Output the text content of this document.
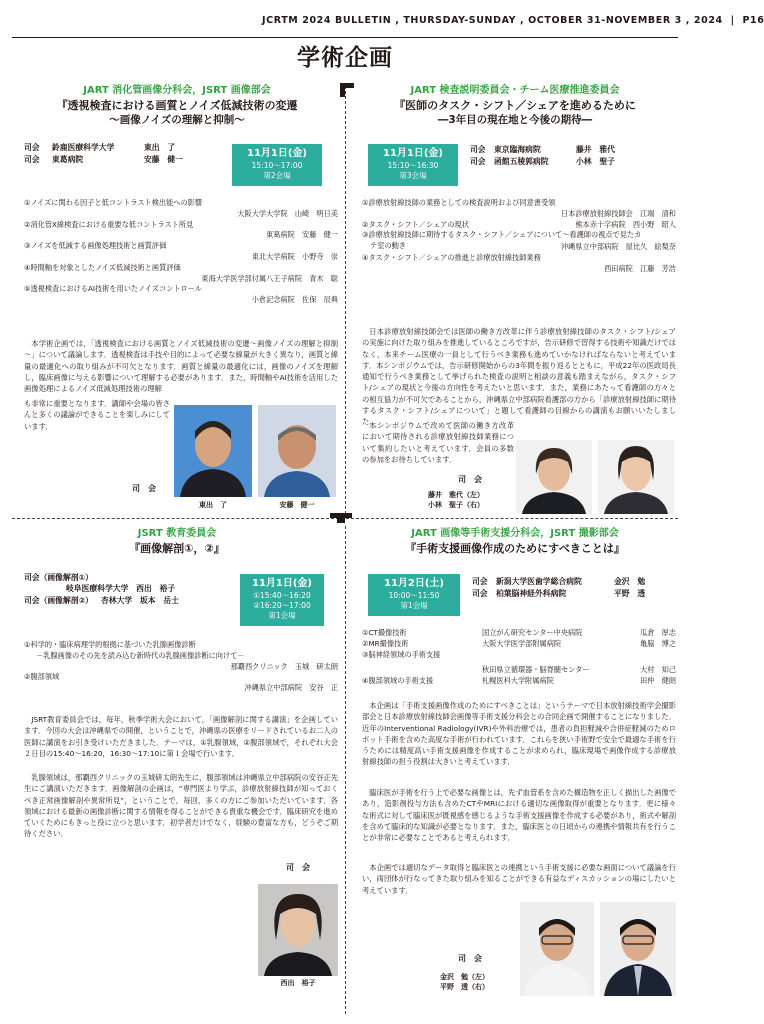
JCRTM 2024 BULLETIN , THURSDAY-SUNDAY , OCTOBER 31-NOVEMBER 3 , 2024 | P16
学術企画
JART 消化管画像分科会，JSRT 画像部会
『透視検査における画質とノイズ低減技術の変遷
～画像ノイズの理解と抑制～
司会 鈴鹿医療科学大学	東出　了
司会 東葛病院	安藤　健一
11月1日(金)
15:10～17:00
第2会場
①ノイズに関わる因子と低コントラスト検出能への影響
大阪大学大学院　山崎　明日美
②消化管X線検査における重要な低コントラスト所見
東葛病院　安藤　健一
③ノイズを低減する画像処理技術と画質評価
東北大学病院　小野寺　崇
④時間軸を対象としたノイズ低減技術と画質評価
東海大学医学部付属八王子病院　青木　聡
⑤透視検査におけるAI技術を用いたノイズコントロール
小倉記念病院　佐保　辰典
本学術企画では，「透視検査における画質とノイズ低減技術の変遷～画像ノイズの理解と抑制～」について議論します．透視検査は手技や目的によって必要な線量が大きく異なり，画質と線量の最適化への取り組みが不可欠となります．画質と線量の最適化には，画像のノイズを理解し，臨床画像に与える影響について理解する必要があります．また，時間軸やAI技術を活用した画像処理によるノイズ低減処理技術の理解
も非常に重要となります．講師や会場の皆さんと多くの議論ができることを楽しみにしています．
司　会
東出　了	安藤　健一
JART 検査説明委員会・チーム医療推進委員会
『医師のタスク・シフト／シェアを進めるために
―3年目の現在地と今後の期待―
11月1日(金)
15:10～16:30
第3会場
司会 東京臨海病院	藤井　雅代
司会 函館五稜郭病院	小林　聖子
①診療放射線技師の業務としての検査説明および同意書受領
日本診療放射線技師会　江端　清和
②タスク・シフト／シェアの現状	熊本赤十字病院　西小野　昭人
③診療放射線技師に期待するタスク・シフト／シェアについて～看護師の視点で見たカテ室の動き	沖縄県立中部病院　屋比久　絵梨奈
④タスク・シフト／シェアの推進と診療放射線技師業務
西田病院　江藤　芳浩
日本診療放射線技師会では医師の働き方改革に伴う診療放射線技師のタスク・シフト/シェアの実施に向けた取り組みを推進しているところですが，告示研修で習得する技術や知識だけではなく，本来チーム医療の一員として行うべき業務も進めていかなければならないと考えています．本シンポジウムでは，告示研修開始からの3年間を振り返るとともに，平成22年の医政局長通知で行うべき業務として挙げられた検査の説明と相談の意義も踏まえながら，タスク・シフト/シェアの現状と今後の方向性を考えたいと思います．また，業務にあたって看護師の方々との相互協力が不可欠であることから，沖縄県立中部病院看護部の方から「診療放射線技師に期待するタスク・シフト/シェアについて」と題して看護師の目線からの講演もお願いいたしました．
本シンポジウムで改めて医師の働き方改革において期待される診療放射線技師業務について集約したいと考えています．会員の多数の参加をお待ちしています．
司　会
藤井　雅代（左）
小林　聖子（右）
JSRT 教育委員会
『画像解剖①，②』
司会（画像解剖①）
岐阜医療科学大学　西出　裕子
司会（画像解剖②） 杏林大学　坂本　岳士
11月1日(金)
①15:40～16:20
②16:20～17:00
第1会場
①科学的・臨床病理学的根拠に基づいた乳腺画像診断
－乳腺画像のその先を読み込む新時代の乳腺画像診断に向けて－
那覇西クリニック　玉城　研太朗
②腹部領域
沖縄県立中部病院　安谷　正
JSRT教育委員会では，毎年，秋季学術大会において，「画像解剖に関する講演」を企画しています．今回の大会は沖縄県での開催，ということで，沖縄県の医療をリードされているお二人の医師に講演をお引き受けいただきました．テーマは，①乳腺領域，②腹部領域で，それぞれ大会２日目の15:40～16:20，16:30～17:10に第１会場で行います．
乳腺領域は，那覇西クリニックの玉城研太朗先生に，腹部領域は沖縄県立中部病院の安谷正先生にご講演いただきます．画像解剖の企画は，“専門医より学ぶ，診療放射線技師が知っておくべき正常画像解剖や異常所見”，ということで，毎回，多くの方にご参加いただいています．各領域における最新の画像診断に関する情報を得ることができる貴重な機会です．臨床研究を進めていくためにもきっと役に立つと思います．初学者だけでなく，経験の豊富な方も，どうぞご期待ください．
司　会
西出　裕子
JART 画像等手術支援分科会，JSRT 撮影部会
『手術支援画像作成のためにすべきことは』
11月2日(土)
10:00～11:50
第1会場
司会 新潟大学医歯学総合病院	金沢　勉
司会 柏葉脳神経外科病院	平野　透
①CT撮像技術	国立がん研究センター中央病院	瓜倉　厚志
②MR撮像技術	大阪大学医学部附属病院	亀脇　博之
③脳神経領域の手術支援
秋田県立循環器・脳脊髄センター	大村　知己
④腹部領域の手術支援	札幌医科大学附属病院	田仲　健朗
本企画は「手術支援画像作成のためにすべきことは」というテーマで日本放射線技術学会撮影部会と日本診療放射線技師会画像等手術支援分科会との合同企画で開催することになりました．近年のInterventional Radiology(IVR)や外科治療では，患者の負担軽減や合併症軽減のためロボット手術を含めた高度な手術が行われています．これらを狭い手術野で安全で最適な手術を行うためには精度高い手術支援画像を作成することが求められ，臨床現場で画像作成する診療放射線技師の担う役割は大きいと考えています．
臨床医が手術を行う上で必要な画像とは，先ず血管系を含めた構造物を正しく描出した画像であり，造影剤投与方法も含めたCTやMRIにおける適切な画像取得が重要となります．更に様々な術式に対して臨床医が既視感を感じるような手術支援画像を作成する必要があり，術式や解剖を含めて臨床的な知識が必要となります．また，臨床医との日頃からの連携や情報共有を行うことが非常に必要なことであると考えられます．
本企画では適切なデータ取得と臨床医との連携という手術支援に必要な画面について議論を行い，両団体が行なってきた取り組みを知ることができる有益なディスカッションの場にしたいと考えています．
司　会
金沢　勉（左）
平野　透（右）
